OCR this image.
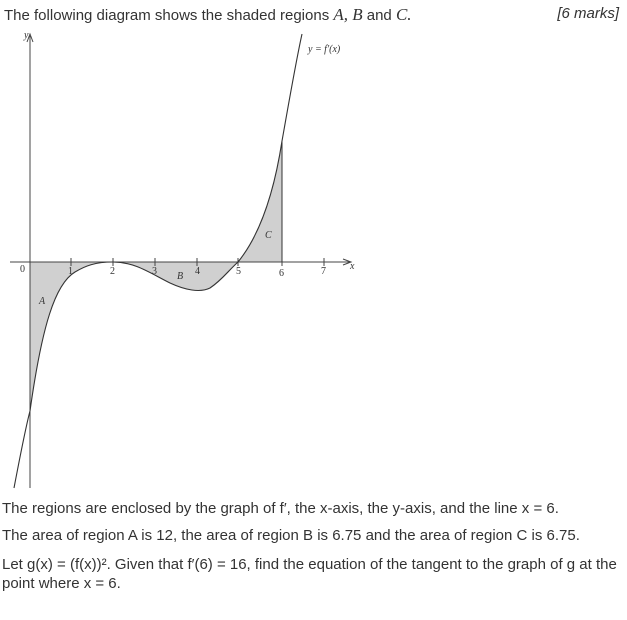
The following diagram shows the shaded regions A, B and C.	[6 marks]
y
x
0
y = f′(x)
1	2	3	4	5	6	7
A
B
C
The regions are enclosed by the graph of f′, the x-axis, the y-axis, and the line x = 6.
The area of region A is 12, the area of region B is 6.75 and the area of region C is 6.75.
Let g(x) = (f(x))². Given that f′(6) = 16, find the equation of the tangent to the graph of g at the point where x = 6.
